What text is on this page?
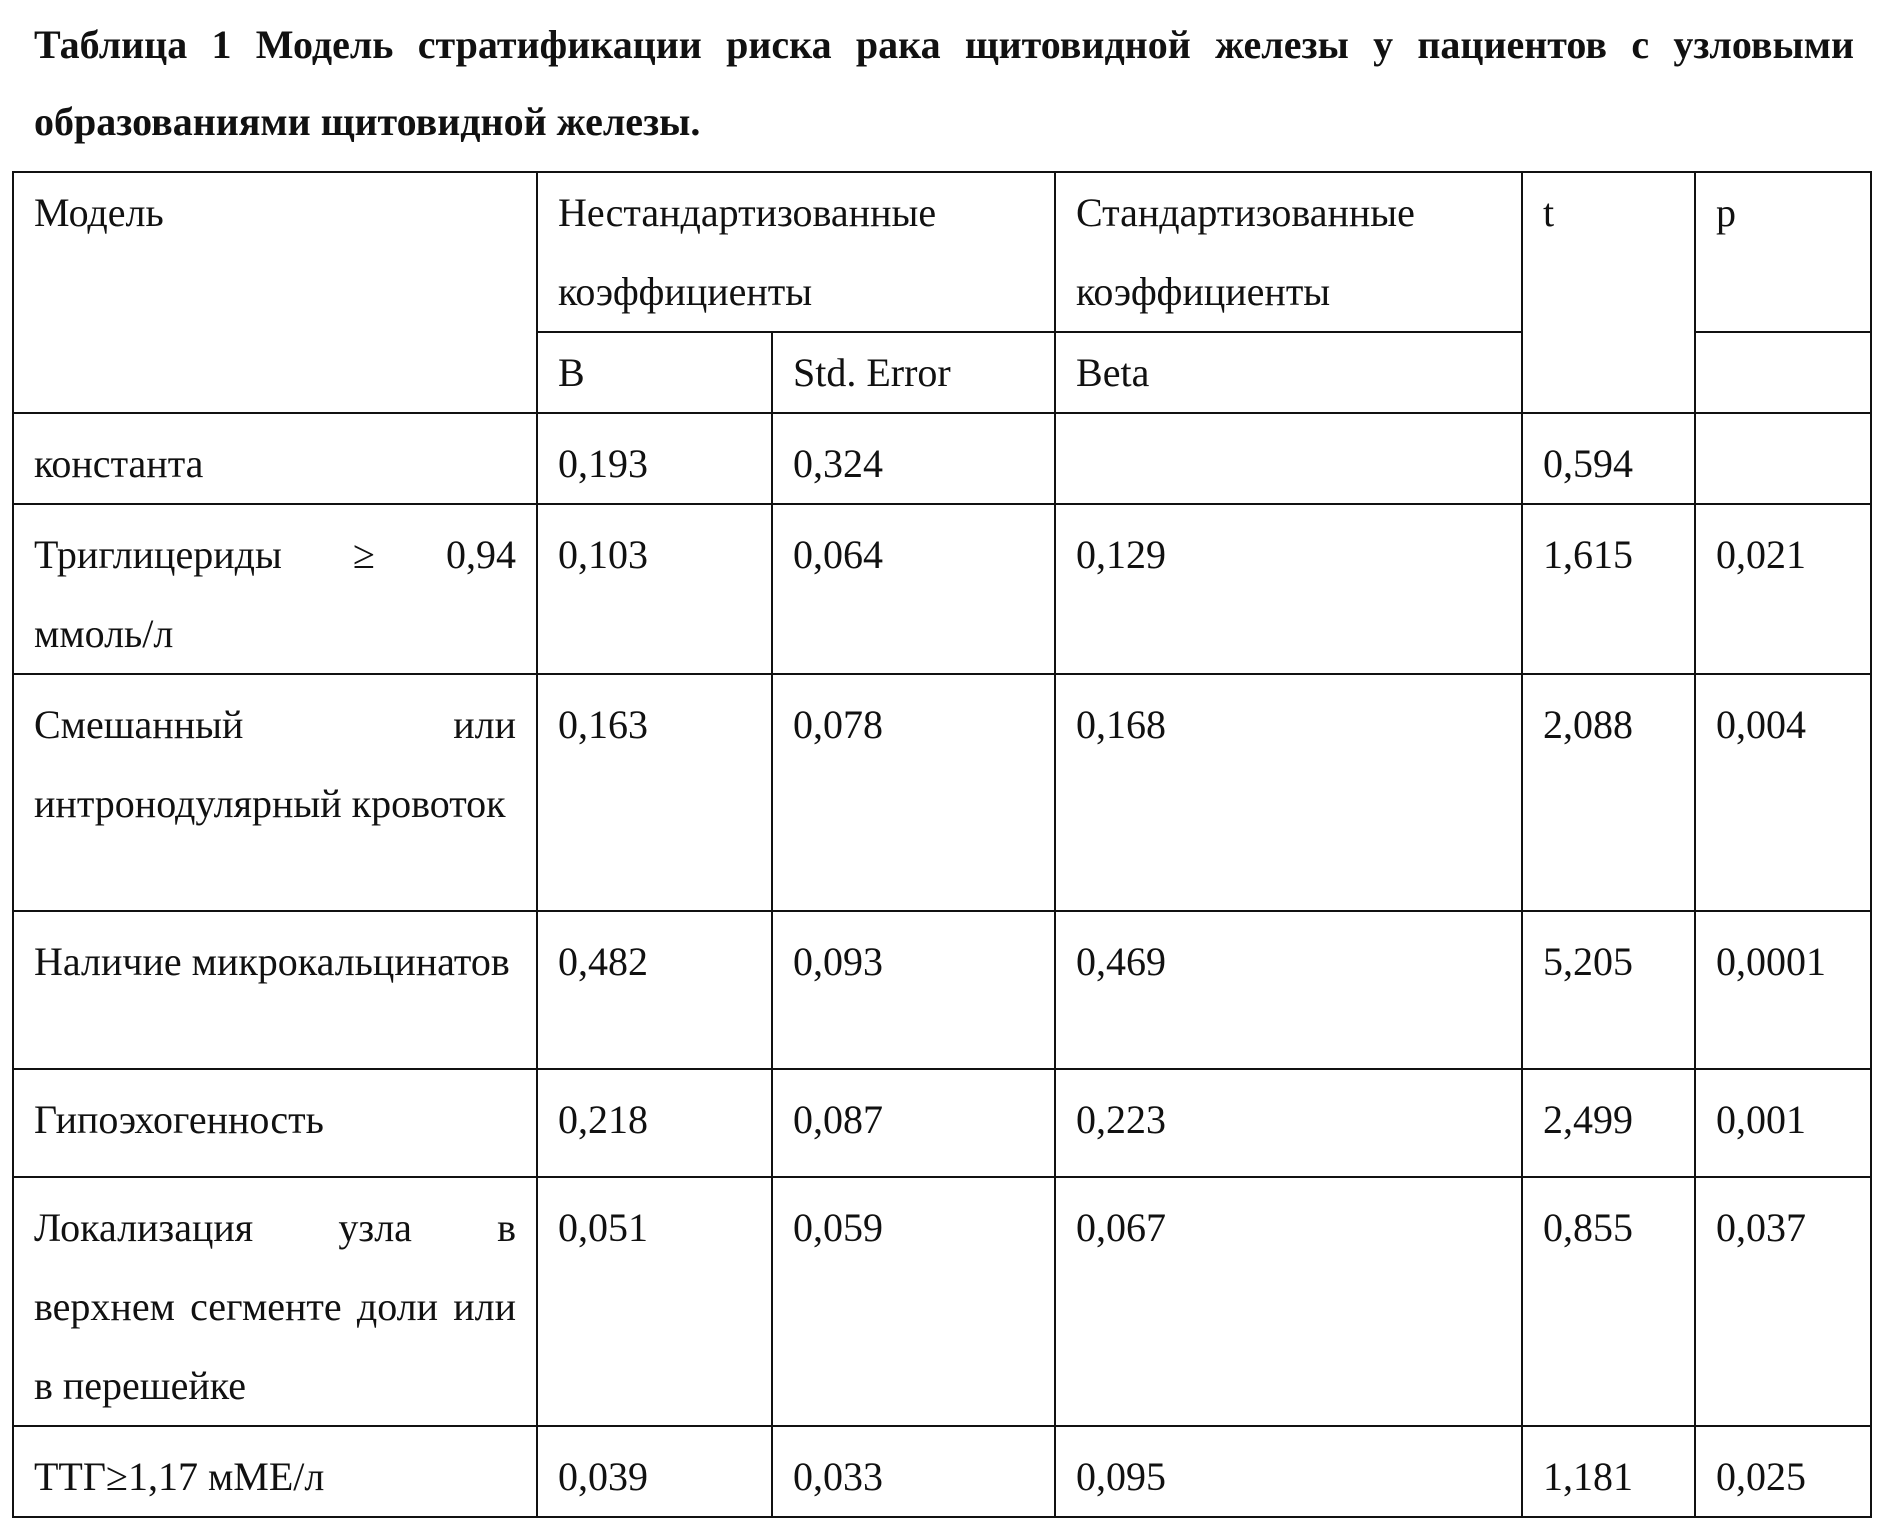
Таблица 1 Модель стратификации риска рака щитовидной железы у пациентов с узловыми образованиями щитовидной железы.
Модель	Нестандартизованные коэффициенты		Стандартизованные коэффициенты	t	p

	B	Std. Error	Beta		

константа	0,193	0,324		0,594	
Триглицериды ≥ 0,94 ммоль/л	0,103	0,064	0,129	1,615	0,021
Смешанный или интронодулярный кровоток	0,163	0,078	0,168	2,088	0,004
Наличие микрокальцинатов	0,482	0,093	0,469	5,205	0,0001
Гипоэхогенность	0,218	0,087	0,223	2,499	0,001
Локализация узла в верхнем сегменте доли или в перешейке	0,051	0,059	0,067	0,855	0,037
ТТГ≥1,17 мМЕ/л	0,039	0,033	0,095	1,181	0,025
